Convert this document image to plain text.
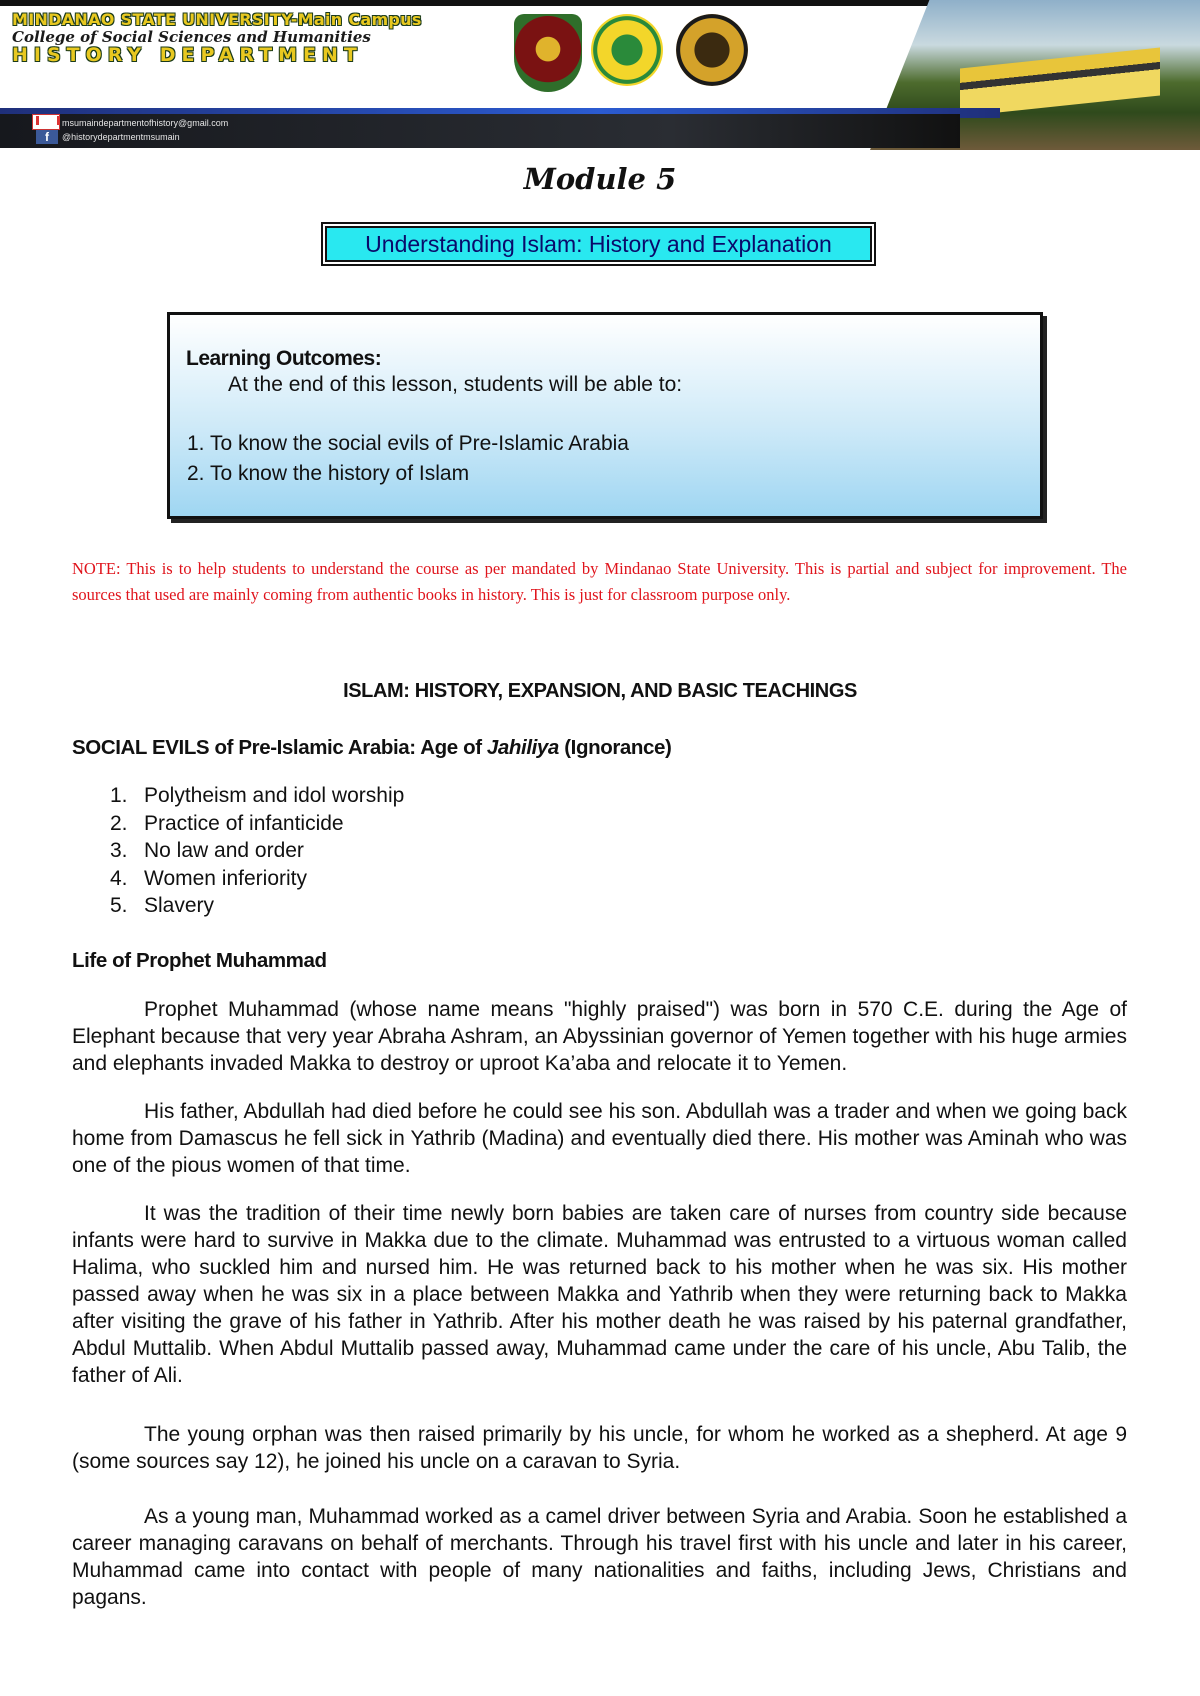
MINDANAO STATE UNIVERSITY-Main Campus

College of Social Sciences and Humanities

HISTORY DEPARTMENT

msumaindepartmentofhistory@gmail.com
f	@historydepartmentmsumain
Module 5
Understanding Islam: History and Explanation
Learning Outcomes:
At the end of this lesson, students will be able to:
1. To know the social evils of Pre-Islamic Arabia
2. To know the history of Islam

NOTE: This is to help students to understand the course as per mandated by Mindanao State University. This is partial and subject for improvement. The sources that used are mainly coming from authentic books in history. This is just for classroom purpose only.

ISLAM: HISTORY, EXPANSION, AND BASIC TEACHINGS
SOCIAL EVILS of Pre-Islamic Arabia: Age of Jahiliya (Ignorance)
1. Polytheism and idol worship
2. Practice of infanticide
3. No law and order
4. Women inferiority
5. Slavery
Life of Prophet Muhammad

Prophet Muhammad (whose name means "highly praised") was born in 570 C.E. during the Age of Elephant because that very year Abraha Ashram, an Abyssinian governor of Yemen together with his huge armies and elephants invaded Makka to destroy or uproot Ka’aba and relocate it to Yemen.

His father, Abdullah had died before he could see his son. Abdullah was a trader and when we going back home from Damascus he fell sick in Yathrib (Madina) and eventually died there. His mother was Aminah who was one of the pious women of that time.

It was the tradition of their time newly born babies are taken care of nurses from country side because infants were hard to survive in Makka due to the climate. Muhammad was entrusted to a virtuous woman called Halima, who suckled him and nursed him. He was returned back to his mother when he was six. His mother passed away when he was six in a place between Makka and Yathrib when they were returning back to Makka after visiting the grave of his father in Yathrib. After his mother death he was raised by his paternal grandfather, Abdul Muttalib. When Abdul Muttalib passed away, Muhammad came under the care of his uncle, Abu Talib, the father of Ali.

The young orphan was then raised primarily by his uncle, for whom he worked as a shepherd. At age 9 (some sources say 12), he joined his uncle on a caravan to Syria.

As a young man, Muhammad worked as a camel driver between Syria and Arabia. Soon he established a career managing caravans on behalf of merchants. Through his travel first with his uncle and later in his career, Muhammad came into contact with people of many nationalities and faiths, including Jews, Christians and pagans.
